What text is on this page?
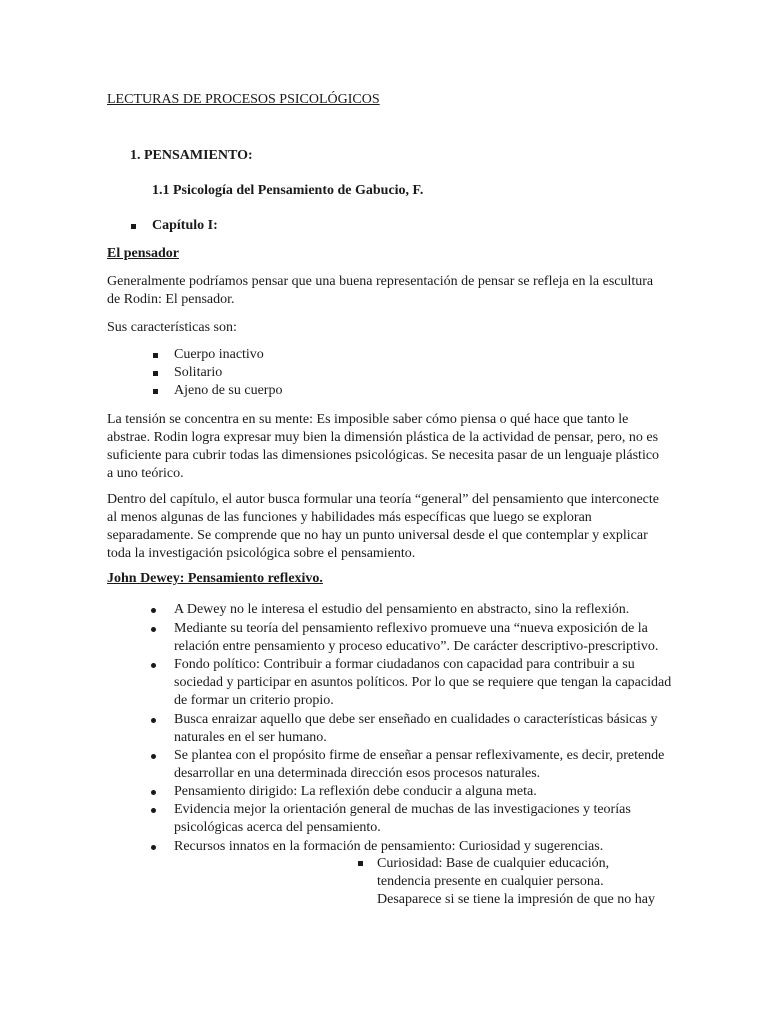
LECTURAS DE PROCESOS PSICOLÓGICOS
1. PENSAMIENTO:
1.1 Psicología del Pensamiento de Gabucio, F.
Capítulo I:
El pensador

Generalmente podríamos pensar que una buena representación de pensar se refleja en la escultura de Rodin: El pensador.

Sus características son:
Cuerpo inactivo
Solitario
Ajeno de su cuerpo

La tensión se concentra en su mente: Es imposible saber cómo piensa o qué hace que tanto le abstrae. Rodin logra expresar muy bien la dimensión plástica de la actividad de pensar, pero, no es suficiente para cubrir todas las dimensiones psicológicas. Se necesita pasar de un lenguaje plástico a uno teórico.

Dentro del capítulo, el autor busca formular una teoría “general” del pensamiento que interconecte al menos algunas de las funciones y habilidades más específicas que luego se exploran separadamente. Se comprende que no hay un punto universal desde el que contemplar y explicar toda la investigación psicológica sobre el pensamiento.

John Dewey: Pensamiento reflexivo.
A Dewey no le interesa el estudio del pensamiento en abstracto, sino la reflexión.
Mediante su teoría del pensamiento reflexivo promueve una “nueva exposición de la relación entre pensamiento y proceso educativo”. De carácter descriptivo-prescriptivo.
Fondo político: Contribuir a formar ciudadanos con capacidad para contribuir a su sociedad y participar en asuntos políticos. Por lo que se requiere que tengan la capacidad de formar un criterio propio.
Busca enraizar aquello que debe ser enseñado en cualidades o características básicas y naturales en el ser humano.
Se plantea con el propósito firme de enseñar a pensar reflexivamente, es decir, pretende desarrollar en una determinada dirección esos procesos naturales.
Pensamiento dirigido: La reflexión debe conducir a alguna meta.
Evidencia mejor la orientación general de muchas de las investigaciones y teorías psicológicas acerca del pensamiento.
Recursos innatos en la formación de pensamiento: Curiosidad y sugerencias.
Curiosidad: Base de cualquier educación, tendencia presente en cualquier persona. Desaparece si se tiene la impresión de que no hay
